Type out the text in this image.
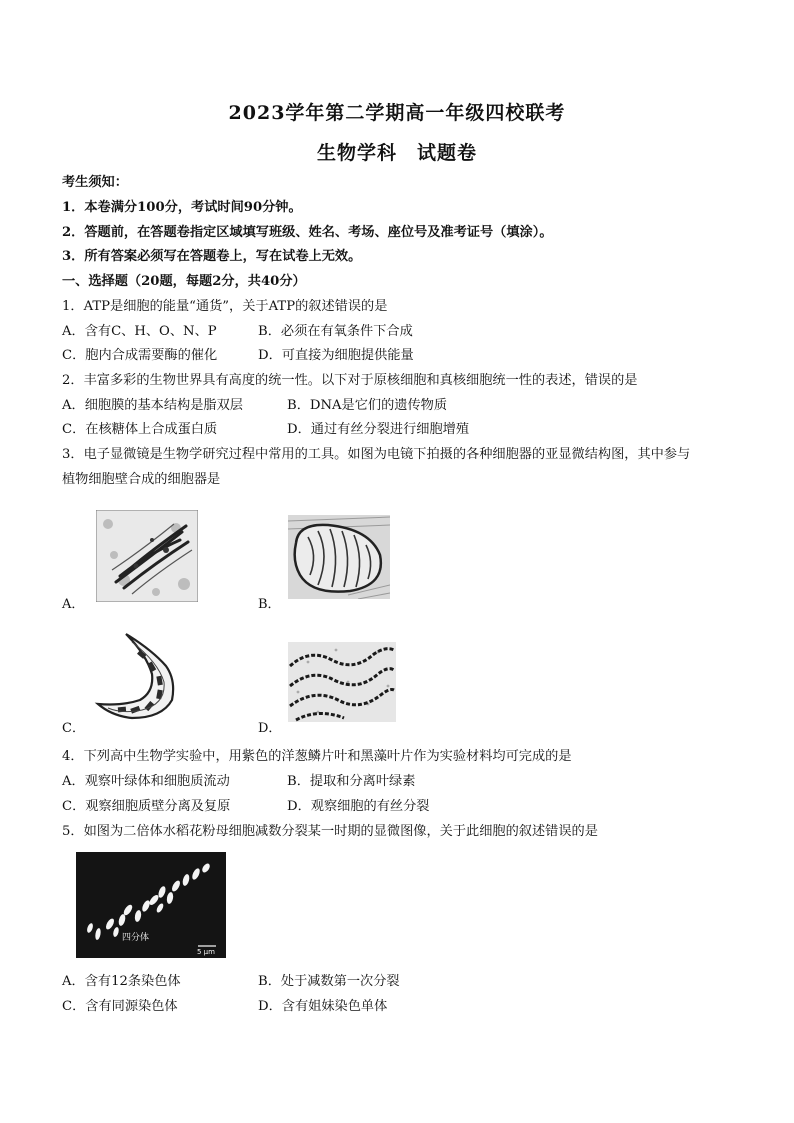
2023学年第二学期高一年级四校联考
生物学科　试题卷
考生须知：
1．本卷满分100分，考试时间90分钟。
2．答题前，在答题卷指定区域填写班级、姓名、考场、座位号及准考证号（填涂）。
3．所有答案必须写在答题卷上，写在试卷上无效。
一、选择题（20题，每题2分，共40分）
1．ATP是细胞的能量“通货”，关于ATP的叙述错误的是
A．含有C、H、O、N、P	B．必须在有氧条件下合成
C．胞内合成需要酶的催化	D．可直接为细胞提供能量
2．丰富多彩的生物世界具有高度的统一性。以下对于原核细胞和真核细胞统一性的表述，错误的是
A．细胞膜的基本结构是脂双层	B．DNA是它们的遗传物质
C．在核糖体上合成蛋白质	D．通过有丝分裂进行细胞增殖
3．电子显微镜是生物学研究过程中常用的工具。如图为电镜下拍摄的各种细胞器的亚显微结构图，其中参与
植物细胞壁合成的细胞器是
A．	B．
C．	D．
4．下列高中生物学实验中，用紫色的洋葱鳞片叶和黑藻叶片作为实验材料均可完成的是
A．观察叶绿体和细胞质流动	B．提取和分离叶绿素
C．观察细胞质壁分离及复原	D．观察细胞的有丝分裂
5．如图为二倍体水稻花粉母细胞减数分裂某一时期的显微图像，关于此细胞的叙述错误的是
四分体
5 μm
A．含有12条染色体	B．处于减数第一次分裂
C．含有同源染色体	D．含有姐妹染色单体
